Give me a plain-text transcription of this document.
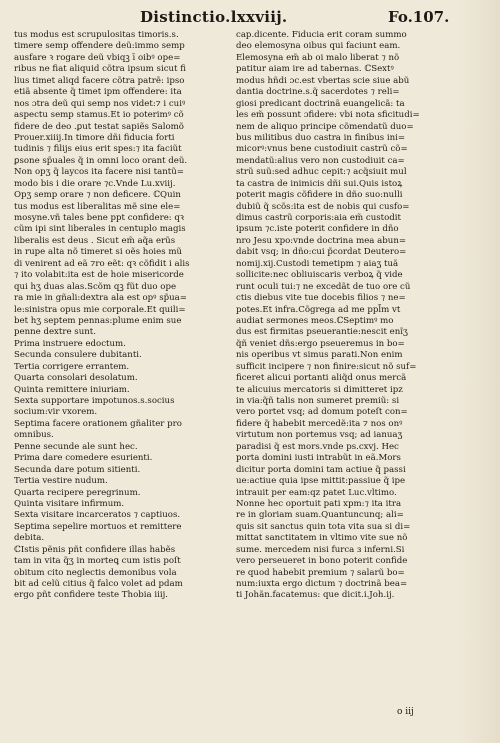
Distinctio.lxxviij.	Fo.107.
tus modus est scrupulositas timoris.s.
timere semp offendere deũ:immo semp
ausfare ꝛ rogare deũ vbiqꝫ ī oibꝰ ope=
ribus ne fiat aliquid cõtra ipsum sicut fi
lius timet aliqd facere cõtra patrẽ: ipso
etiã absente q̃ timet ipm offendere: ita
nos ɔtra deũ qui semp nos videt:⁊ i cuiꝰ
aspectu semp stamus.Et io poterimꝰ cõ
fidere de deo .ꝑut testat sapiẽs Salomõ
Prouer.xiiij.In timore dñi fiducia forti
tudinis ⁊ filijs eius erit spes:⁊ ita faciũt
ꝑsone sp̃uales q̃ in omni loco orant deũ.
Non opʒ q̃ laycos ita facere nisi tantũ=
modo bis i die orare ⁊c.Vnde Lu.xviij.
Opʒ semp orare ⁊ non deficere. ℂQuin
tus modus est liberalitas mẽ sine ele=
mosyne.vñ tales bene ppt confidere: qꝛ
cũm ipi sint liberales in centuplo magis
liberalis est deus . Sicut em̃ aq̃a erũs
in rupe alta nõ timeret si oẽs hoies mũ
di venirent ad eã ⁊ro eẽt: qꝛ cõfidit i alis
⁊ ito volabit:ita est de hoie misericorde
qui hʒ duas alas.Scõm qꝫ fũt duo ope
ra mie in gñali:dextra ala est opꝰ sp̃ua=
le:sinistra opus mie corporale.Et quili=
bet hʒ septem pennas:plume enim sue
penne dextre sunt.
Prima instruere edoctum.
Secunda consulere dubitanti.
Tertia corrigere errantem.
Quarta consolari desolatum.
Quinta remittere iniuriam.
Sexta supportare impotunos.s.socius
socium:vir vxorem.
Septima facere orationem gñaliter pro
omnibus.
Penne secunde ale sunt hec.
Prima dare comedere esurienti.
Secunda dare potum sitienti.
Tertia vestire nudum.
Quarta recipere peregrinum.
Quinta visitare infirmum.
Sexta visitare incarceratos ⁊ captiuos.
Septima sepelire mortuos et remittere
debita.
ℂIstis pẽnis pñt confidere illas habẽs
tam in vita q̃ʒ in morteꝗ cum istis poſt
obitum cito neglectis demonibus vola
bit ad celũ citius q̃ falco volet ad pdam
ergo pñt confidere teste Thobia iiij.
cap.dicente. Fiducia erit coram summo
deo elemosyna oibus qui faciunt eam.
Elemosyna em̃ ab oi malo liberat ⁊ nõ
patitur aiam ire ad tabernas. ℂSextꝰ
modus hñdi ɔc.est vbertas scie siue abũ
dantia doctrine.s.q̃ sacerdotes ⁊ reli=
giosi predicant doctrinã euangelicã: ta
les em̃ possunt ɔfidere: vbi nota sficitudi=
nem de aliquo principe cõmendatũ duo=
bus militibus duo castra in finibus ini=
micorꝰ:vnus bene custodiuit castrũ cõ=
mendatũ:alius vero non custodiuit ca=
strũ suũ:sed adhuc cepit:⁊ acq̃siuit mul
ta castra de inimicis dñi sui.Quis istoꝝ
poterit magis cõfidere in dño suo:nulli
dubiũ q̃ scõs:ita est de nobis qui cusfo=
dimus castrũ corporis:aia em̃ custodit
ipsum ⁊c.iste poterit confidere in dño
nro Jesu xpo:vnde doctrina mea abun=
dabit vsq; in dño:cui p̃cordat Deutero=
nomij.xij.Custodi temetipm ⁊ aiaʒ tuã
sollicite:nec obliuiscaris verboꝝ q̃ vide
runt oculi tui:⁊ ne excedãt de tuo ore cũ
ctis diebus vite tue docebis filios ⁊ ne=
potes.Et infra.Cõgrega ad me ppl̃m vt
audiat sermones meos.ℂSeptimꝰ mo
dus est firmitas pseuerantie:nescit enĩʒ
q̃ñ veniet dñs:ergo pseueremus in bo=
nis operibus vt simus parati.Non enim
sufficit incipere ⁊ non finire:sicut nõ suf=
ficeret alicui portanti aliq̃d onus mercã
te alicuius mercatoris si dimitteret ipz
in via:q̃ñ talis non sumeret premiũ: si
vero portet vsq; ad domum poteſt con=
fidere q̃ habebit mercedẽ:ita ⁊ nos onꝰ
virtutum non portemus vsq; ad ianuaʒ
paradisi q̃ est mors.vnde ps.cxvj. Hec
porta domini iusti intrabũt in eã.Mors
dicitur porta domini tam actiue q̃ passi
ue:actiue quia ipse mittit:passiue q̃ ipe
intrauit per eam:qz patet Luc.vltimo.
Nonne hec oportuit pati xpm:⁊ ita itra
re in gloriam suam.Quantuncunq; ali=
quis sit sanctus quin tota vita sua si di=
mittat sanctitatem in vltimo vite sue nõ
sume. mercedem nisi furca ɜ inferni.Si
vero perseueret in bono poterit confide
re quod habebit premium ⁊ salarũ bo=
num:iuxta ergo dictum ⁊ doctrinã bea=
ti Johãn.facatemus: que dicit.i.Joh.ij.
o iij
